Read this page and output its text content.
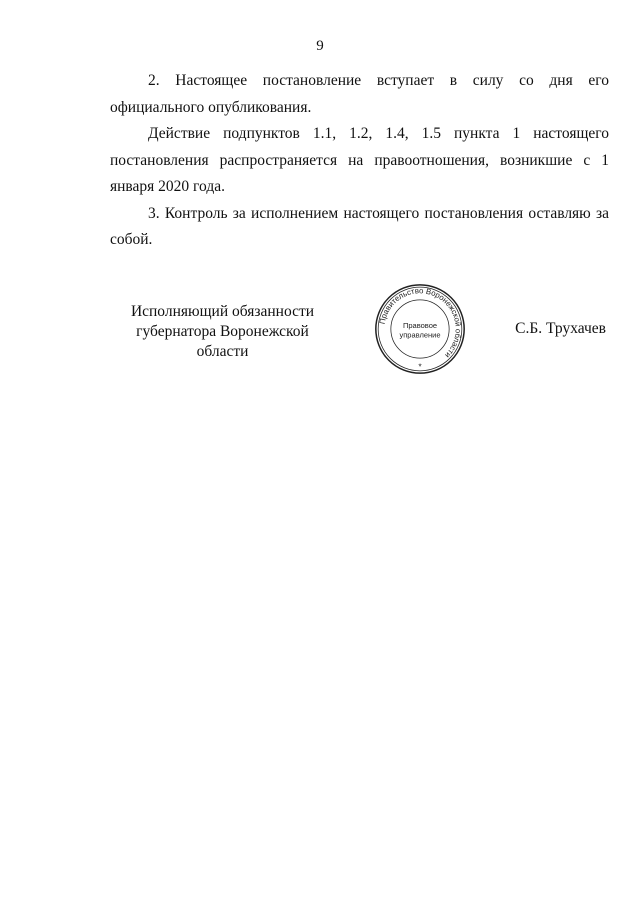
9

2. Настоящее постановление вступает в силу со дня его официального опубликования.

Действие подпунктов 1.1, 1.2, 1.4, 1.5 пункта 1 настоящего постановления распространяется на правоотношения, возникшие с 1 января 2020 года.

3. Контроль за исполнением настоящего постановления оставляю за собой.

Исполняющий обязанности
губернатора Воронежской области
С.Б. Трухачев
Правительство Воронежской области
Правовое
управление
*
